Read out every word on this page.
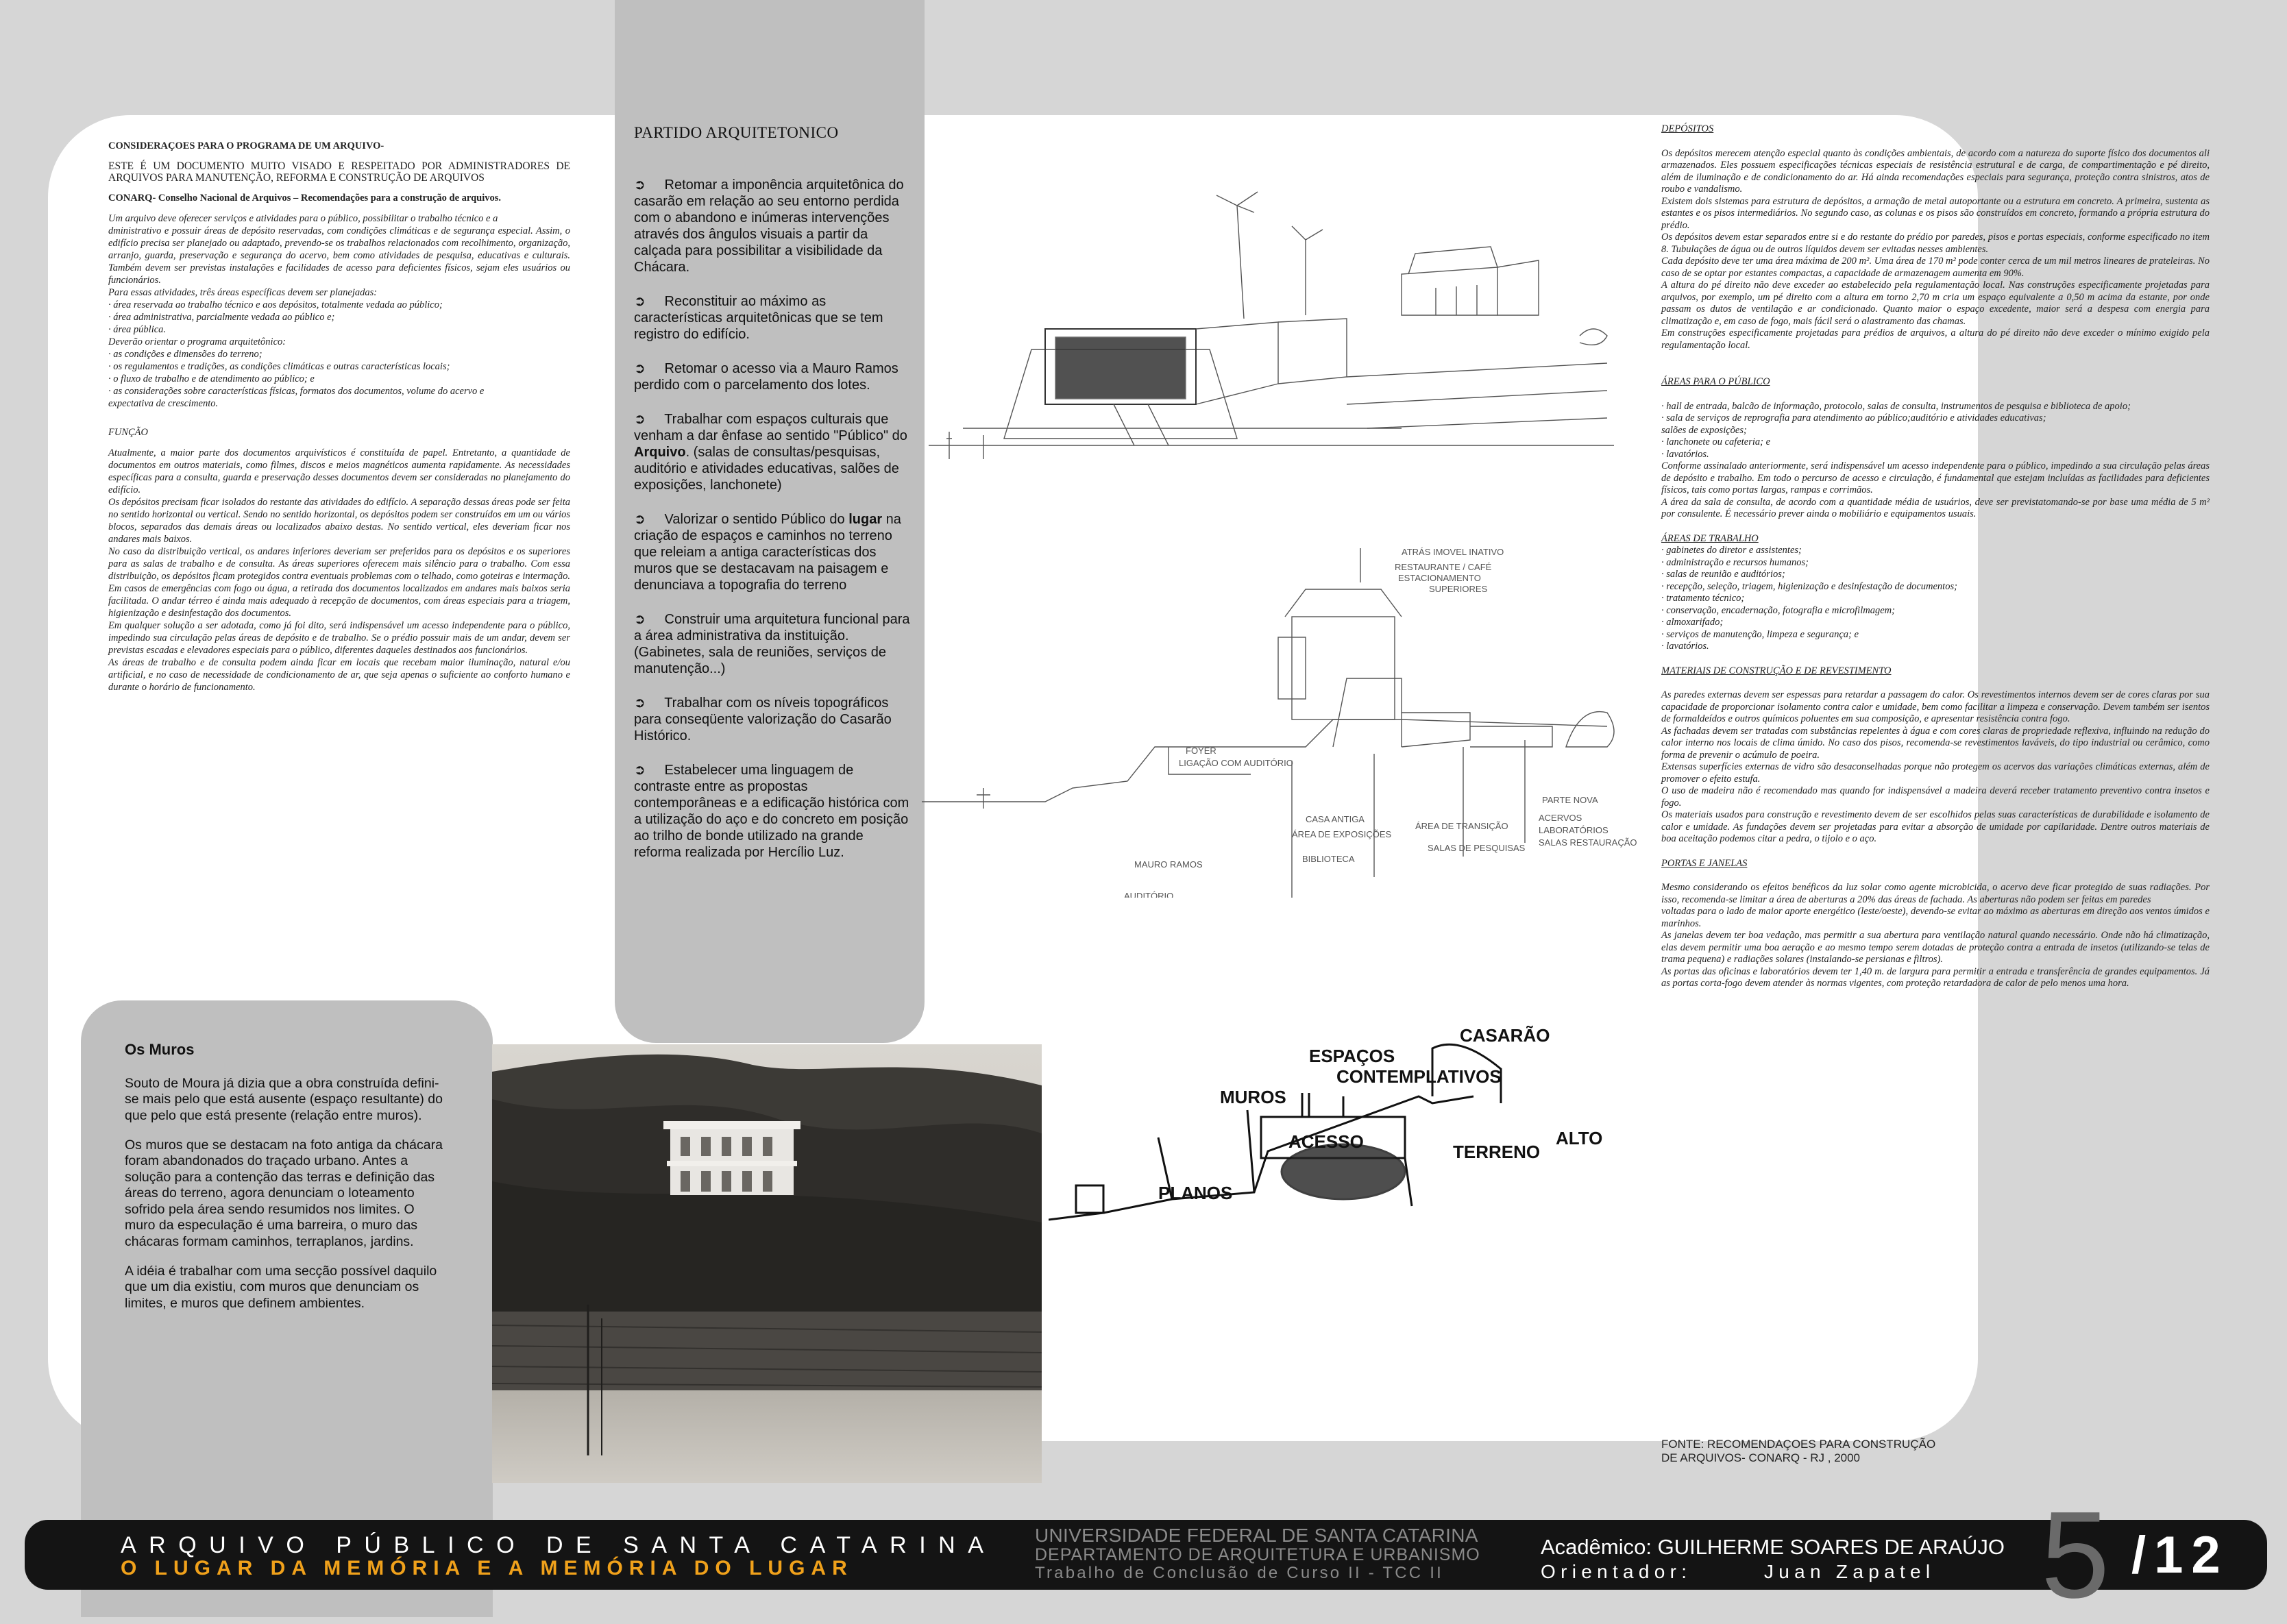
CONSIDERAÇOES PARA O PROGRAMA DE UM ARQUIVO-

ESTE É UM DOCUMENTO MUITO VISADO E RESPEITADO POR ADMINISTRADORES DE ARQUIVOS PARA MANUTENÇÃO, REFORMA E CONSTRUÇÃO DE ARQUIVOS

CONARQ- Conselho Nacional de Arquivos – Recomendações para a construção de arquivos.

Um arquivo deve oferecer serviços e atividades para o público, possibilitar o trabalho técnico e a

dministrativo e possuir áreas de depósito reservadas, com condições climáticas e de segurança especial. Assim, o edifício precisa ser planejado ou adaptado, prevendo-se os trabalhos relacionados com recolhimento, organização, arranjo, guarda, preservação e segurança do acervo, bem como atividades de pesquisa, educativas e culturais. Também devem ser previstas instalações e facilidades de acesso para deficientes físicos, sejam eles usuários ou funcionários.

Para essas atividades, três áreas específicas devem ser planejadas:

· área reservada ao trabalho técnico e aos depósitos, totalmente vedada ao público;

· área administrativa, parcialmente vedada ao público e;

· área pública.

Deverão orientar o programa arquitetônico:

· as condições e dimensões do terreno;

· os regulamentos e tradições, as condições climáticas e outras características locais;

· o fluxo de trabalho e de atendimento ao público; e

· as considerações sobre características físicas, formatos dos documentos, volume do acervo e

expectativa de crescimento.

FUNÇÃO

Atualmente, a maior parte dos documentos arquivísticos é constituída de papel. Entretanto, a quantidade de documentos em outros materiais, como filmes, discos e meios magnéticos aumenta rapidamente. As necessidades específicas para a consulta, guarda e preservação desses documentos devem ser consideradas no planejamento do edifício.

Os depósitos precisam ficar isolados do restante das atividades do edifício. A separação dessas áreas pode ser feita no sentido horizontal ou vertical. Sendo no sentido horizontal, os depósitos podem ser construídos em um ou vários blocos, separados das demais áreas ou localizados abaixo destas. No sentido vertical, eles deveriam ficar nos andares mais baixos.

No caso da distribuição vertical, os andares inferiores deveriam ser preferidos para os depósitos e os superiores para as salas de trabalho e de consulta. As áreas superiores oferecem mais silêncio para o trabalho. Com essa distribuição, os depósitos ficam protegidos contra eventuais problemas com o telhado, como goteiras e intermação. Em casos de emergências com fogo ou água, a retirada dos documentos localizados em andares mais baixos seria facilitada. O andar térreo é ainda mais adequado à recepção de documentos, com áreas especiais para a triagem, higienização e desinfestação dos documentos.

Em qualquer solução a ser adotada, como já foi dito, será indispensável um acesso independente para o público, impedindo sua circulação pelas áreas de depósito e de trabalho. Se o prédio possuir mais de um andar, devem ser previstas escadas e elevadores especiais para o público, diferentes daqueles destinados aos funcionários.

As áreas de trabalho e de consulta podem ainda ficar em locais que recebam maior iluminação, natural e/ou artificial, e no caso de necessidade de condicionamento de ar, que seja apenas o suficiente ao conforto humano e durante o horário de funcionamento.

PARTIDO ARQUITETONICO
➲     Retomar a imponência arquitetônica do casarão em relação ao seu entorno perdida com o abandono e inúmeras intervenções através dos ângulos visuais a partir da calçada para possibilitar a visibilidade da Chácara.
➲     Reconstituir ao máximo as características arquitetônicas que se tem registro do edifício.
➲     Retomar o acesso via a Mauro Ramos perdido com o parcelamento dos lotes.
➲     Trabalhar com espaços culturais que venham a dar ênfase ao sentido "Público" do Arquivo. (salas de consultas/pesquisas, auditório e atividades educativas, salões de exposições, lanchonete)
➲     Valorizar o sentido Público do lugar na criação de espaços e caminhos no terreno que releiam a antiga características dos muros que se destacavam na paisagem e denunciava a topografia do terreno
➲     Construir uma arquitetura funcional para a área administrativa da instituição.(Gabinetes, sala de reuniões, serviços de manutenção...)
➲     Trabalhar com os níveis topográficos para conseqüente valorização do Casarão Histórico.
➲     Estabelecer uma linguagem de contraste entre as propostas contemporâneas e a edificação histórica com a utilização do aço e do concreto em posição ao trilho de bonde utilizado na grande reforma realizada por Hercílio Luz.
Os Muros

Souto de Moura já dizia que a obra construída defini-se mais pelo que está ausente (espaço resultante) do que pelo que está presente (relação entre muros).

Os muros que se destacam na foto antiga da chácara foram abandonados do traçado urbano. Antes a solução para a contenção das terras e definição das áreas do terreno, agora denunciam o loteamento sofrido pela área sendo resumidos nos limites. O muro da especulação é uma barreira, o muro das chácaras formam caminhos, terraplanos, jardins.

A idéia é trabalhar com uma secção possível daquilo que um dia existiu, com muros que denunciam os limites, e muros que definem ambientes.

ATRÁS IMOVEL INATIVO
RESTAURANTE / CAFÉ
ESTACIONAMENTO
SUPERIORES
FOYER
LIGAÇÃO COM AUDITÓRIO
CASA ANTIGA
ÁREA DE EXPOSIÇÕES
BIBLIOTECA
ÁREA DE TRANSIÇÃO
SALAS DE PESQUISAS
PARTE NOVA
ACERVOS
LABORATÓRIOS
SALAS RESTAURAÇÃO
MAURO RAMOS
AUDITÓRIO
MUROS
ESPAÇOS
CONTEMPLATIVOS
CASARÃO
ACESSO
PLANOS
TERRENO
ALTO

DEPÓSITOS

Os depósitos merecem atenção especial quanto às condições ambientais, de acordo com a natureza do suporte físico dos documentos ali armazenados. Eles possuem especificações técnicas especiais de resistência estrutural e de carga, de compartimentação e pé direito, além de iluminação e de condicionamento do ar. Há ainda recomendações especiais para segurança, proteção contra sinistros, atos de roubo e vandalismo.

Existem dois sistemas para estrutura de depósitos, a armação de metal autoportante ou a estrutura em concreto. A primeira, sustenta as estantes e os pisos intermediários. No segundo caso, as colunas e os pisos são construídos em concreto, formando a própria estrutura do prédio.

Os depósitos devem estar separados entre si e do restante do prédio por paredes, pisos e portas especiais, conforme especificado no item 8. Tubulações de água ou de outros líquidos devem ser evitadas nesses ambientes.

Cada depósito deve ter uma área máxima de 200 m². Uma área de 170 m² pode conter cerca de um mil metros lineares de prateleiras. No caso de se optar por estantes compactas, a capacidade de armazenagem aumenta em 90%.

A altura do pé direito não deve exceder ao estabelecido pela regulamentação local. Nas construções especificamente projetadas para arquivos, por exemplo, um pé direito com a altura em torno 2,70 m cria um espaço equivalente a 0,50 m acima da estante, por onde passam os dutos de ventilação e ar condicionado. Quanto maior o espaço excedente, maior será a despesa com energia para climatização e, em caso de fogo, mais fácil será o alastramento das chamas.

Em construções especificamente projetadas para prédios de arquivos, a altura do pé direito não deve exceder o mínimo exigido pela regulamentação local.

ÁREAS PARA O PÚBLICO

· hall de entrada, balcão de informação, protocolo, salas de consulta, instrumentos de pesquisa e biblioteca de apoio;

· sala de serviços de reprografia para atendimento ao público;auditório e atividades educativas;

salões de exposições;

· lanchonete ou cafeteria; e

· lavatórios.

Conforme assinalado anteriormente, será indispensável um acesso independente para o público, impedindo a sua circulação pelas áreas de depósito e trabalho. Em todo o percurso de acesso e circulação, é fundamental que estejam incluídas as facilidades para deficientes físicos, tais como portas largas, rampas e corrimãos.

A área da sala de consulta, de acordo com a quantidade média de usuários, deve ser previstatomando-se por base uma média de 5 m² por consulente. É necessário prever ainda o mobiliário e equipamentos usuais.

ÁREAS DE TRABALHO

· gabinetes do diretor e assistentes;

· administração e recursos humanos;

· salas de reunião e auditórios;

· recepção, seleção, triagem, higienização e desinfestação de documentos;

· tratamento técnico;

· conservação, encadernação, fotografia e microfilmagem;

· almoxarifado;

· serviços de manutenção, limpeza e segurança; e

· lavatórios.

MATERIAIS DE CONSTRUÇÃO E DE REVESTIMENTO

As paredes externas devem ser espessas para retardar a passagem do calor. Os revestimentos internos devem ser de cores claras por sua capacidade de proporcionar isolamento contra calor e umidade, bem como facilitar a limpeza e conservação. Devem também ser isentos de formaldeídos e outros químicos poluentes em sua composição, e apresentar resistência contra fogo.

As fachadas devem ser tratadas com substâncias repelentes à água e com cores claras de propriedade reflexiva, influindo na redução do calor interno nos locais de clima úmido. No caso dos pisos, recomenda-se revestimentos laváveis, do tipo industrial ou cerâmico, como forma de prevenir o acúmulo de poeira.

Extensas superfícies externas de vidro são desaconselhadas porque não protegem os acervos das variações climáticas externas, além de promover o efeito estufa.

O uso de madeira não é recomendado mas quando for indispensável a madeira deverá receber tratamento preventivo contra insetos e fogo.

Os materiais usados para construção e revestimento devem de ser escolhidos pelas suas características de durabilidade e isolamento de calor e umidade. As fundações devem ser projetadas para evitar a absorção de umidade por capilaridade. Dentre outros materiais de boa aceitação podemos citar a pedra, o tijolo e o aço.

PORTAS E JANELAS

Mesmo considerando os efeitos benéficos da luz solar como agente microbicida, o acervo deve ficar protegido de suas radiações. Por isso, recomenda-se limitar a área de aberturas a 20% das áreas de fachada. As aberturas não podem ser feitas em paredes

voltadas para o lado de maior aporte energético (leste/oeste), devendo-se evitar ao máximo as aberturas em direção aos ventos úmidos e marinhos.

As janelas devem ter boa vedação, mas permitir a sua abertura para ventilação natural quando necessário. Onde não há climatização, elas devem permitir uma boa aeração e ao mesmo tempo serem dotadas de proteção contra a entrada de insetos (utilizando-se telas de trama pequena) e radiações solares (instalando-se persianas e filtros).

As portas das oficinas e laboratórios devem ter 1,40 m. de largura para permitir a entrada e transferência de grandes equipamentos. Já as portas corta-fogo devem atender às normas vigentes, com proteção retardadora de calor de pelo menos uma hora.

FONTE: RECOMENDAÇOES PARA CONSTRUÇÃO
DE ARQUIVOS- CONARQ - RJ , 2000
ARQUIVO PÚBLICO DE SANTA CATARINA
O LUGAR DA MEMÓRIA E A MEMÓRIA DO LUGAR
UNIVERSIDADE FEDERAL DE SANTA CATARINA
DEPARTAMENTO DE ARQUITETURA E URBANISMO
Trabalho de Conclusão de Curso II - TCC II
Acadêmico: GUILHERME SOARES DE ARAÚJO
Orientador:       Juan Zapatel 5 /12
